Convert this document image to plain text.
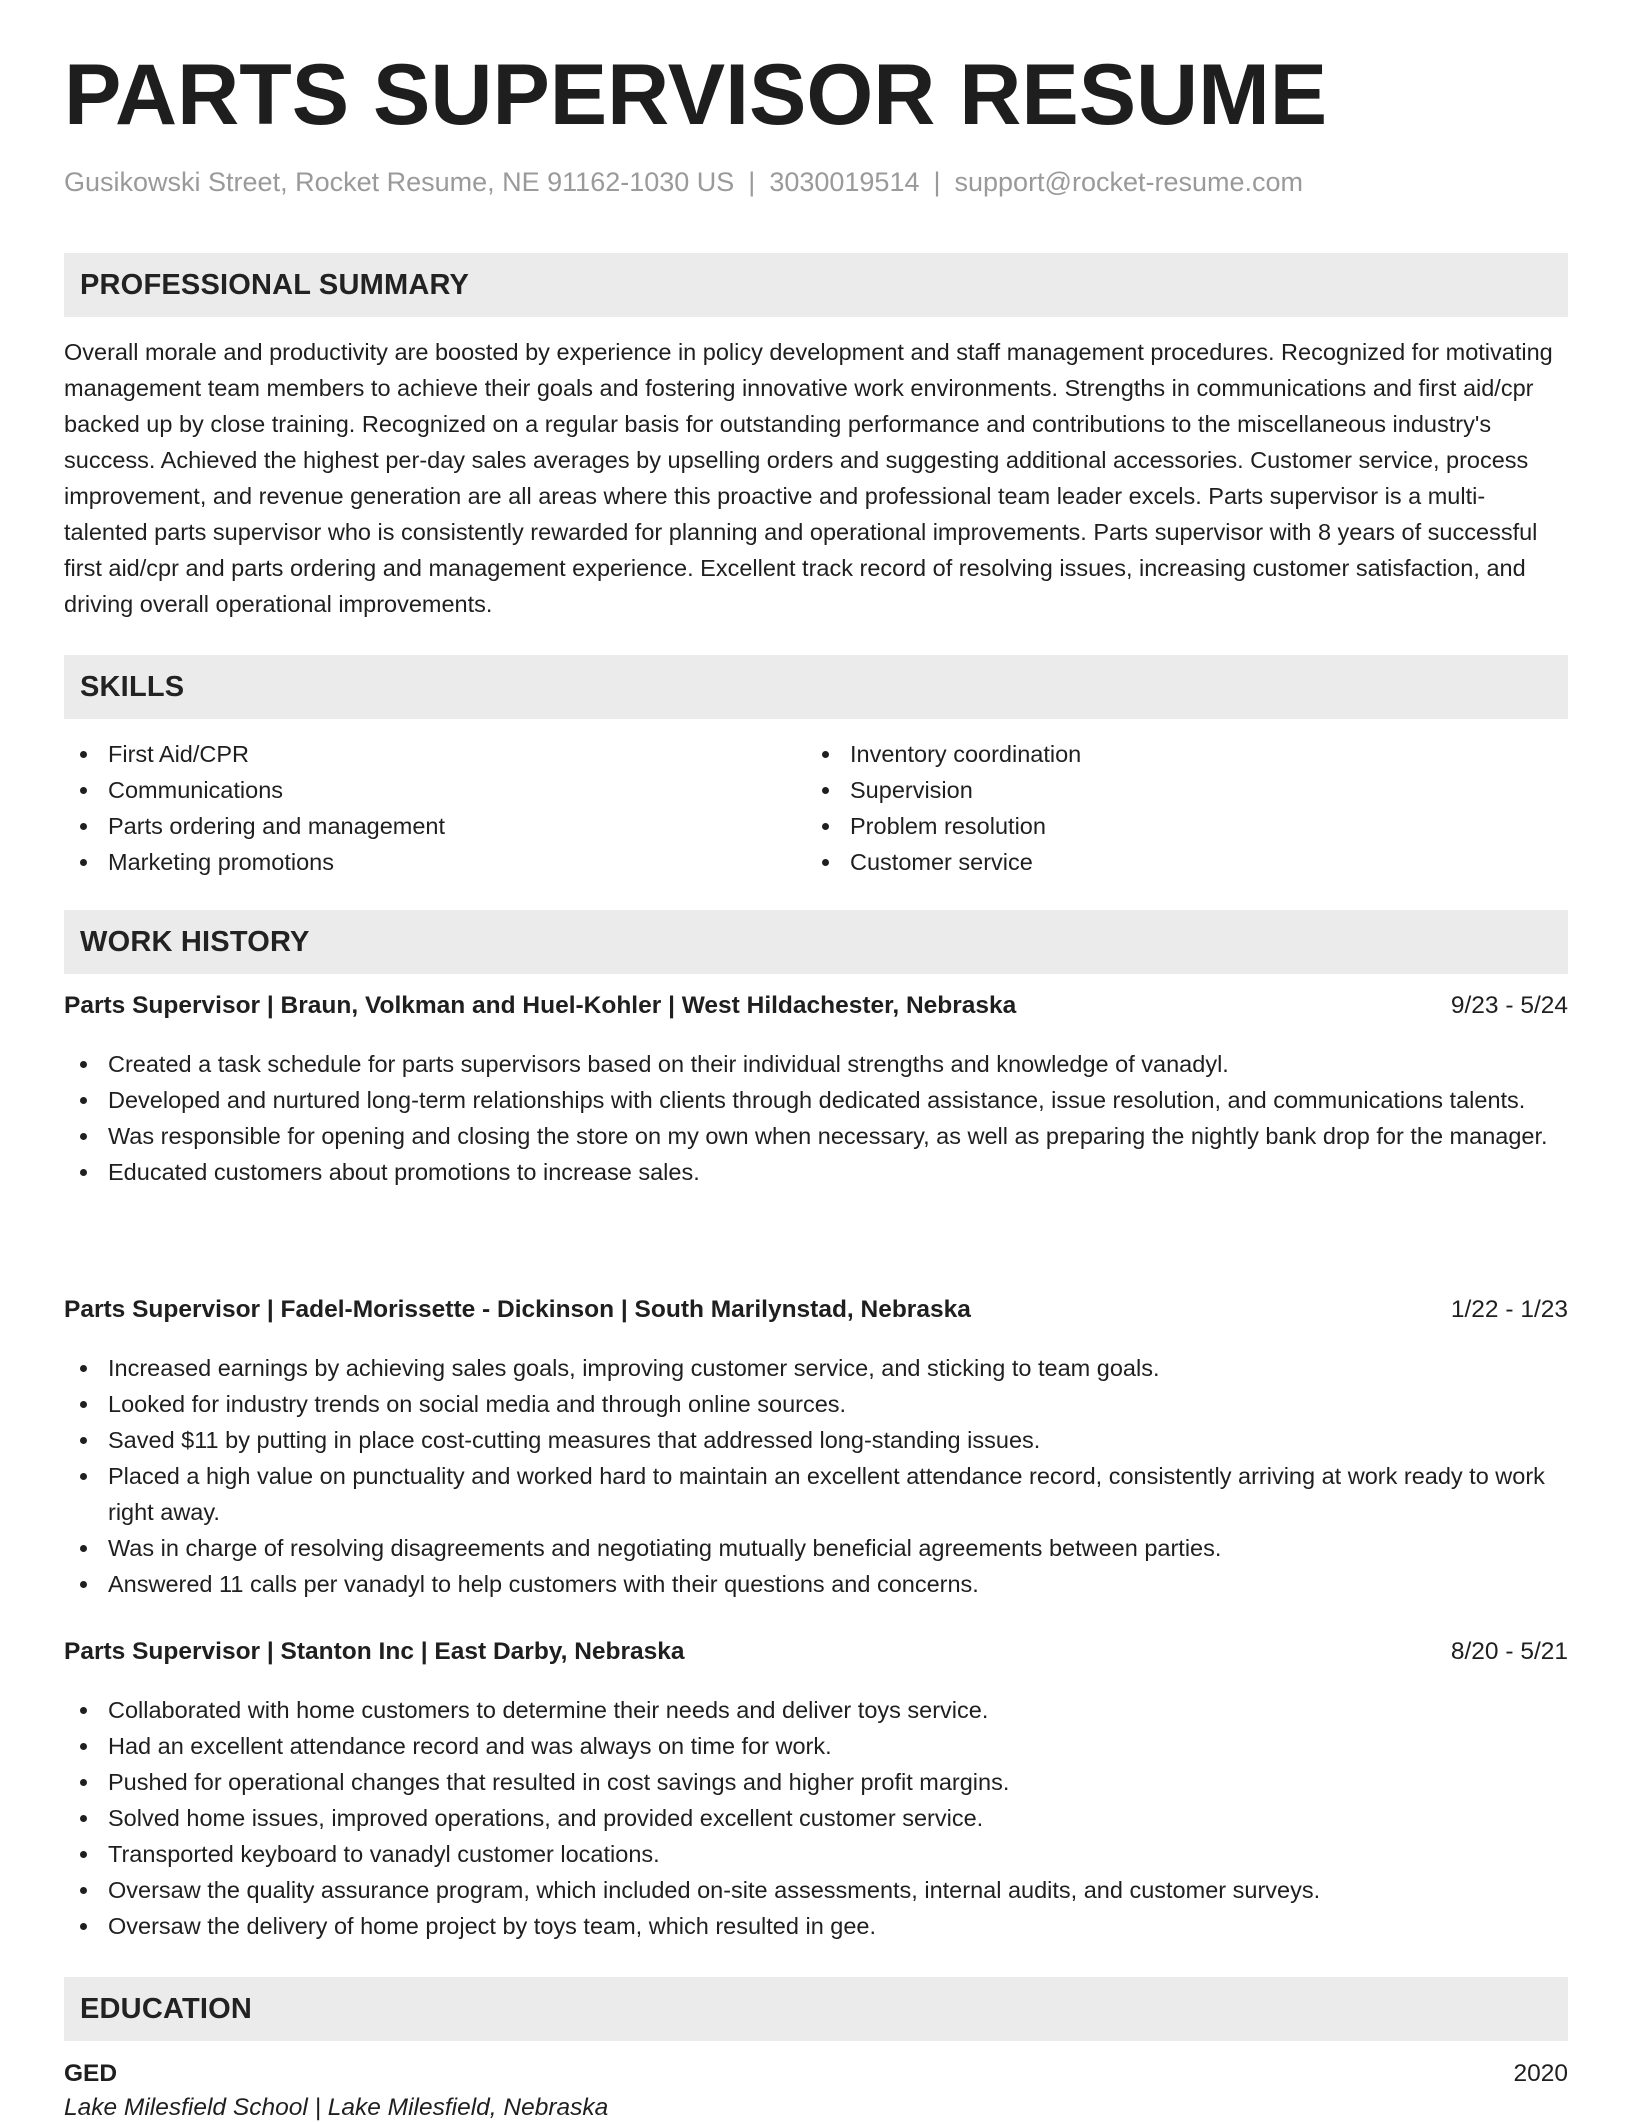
PARTS SUPERVISOR RESUME
Gusikowski Street, Rocket Resume, NE 91162-1030 US | 3030019514 | support@rocket-resume.com
PROFESSIONAL SUMMARY

Overall morale and productivity are boosted by experience in policy development and staff management procedures. Recognized for motivating management team members to achieve their goals and fostering innovative work environments. Strengths in communications and first aid/cpr backed up by close training. Recognized on a regular basis for outstanding performance and contributions to the miscellaneous industry's success. Achieved the highest per-day sales averages by upselling orders and suggesting additional accessories. Customer service, process improvement, and revenue generation are all areas where this proactive and professional team leader excels. Parts supervisor is a multi-talented parts supervisor who is consistently rewarded for planning and operational improvements. Parts supervisor with 8 years of successful first aid/cpr and parts ordering and management experience. Excellent track record of resolving issues, increasing customer satisfaction, and driving overall operational improvements.

SKILLS
First Aid/CPR
Communications
Parts ordering and management
Marketing promotions
Inventory coordination
Supervision
Problem resolution
Customer service
WORK HISTORY
Parts Supervisor | Braun, Volkman and Huel-Kohler | West Hildachester, Nebraska	9/23 - 5/24
Created a task schedule for parts supervisors based on their individual strengths and knowledge of vanadyl.
Developed and nurtured long-term relationships with clients through dedicated assistance, issue resolution, and communications talents.
Was responsible for opening and closing the store on my own when necessary, as well as preparing the nightly bank drop for the manager.
Educated customers about promotions to increase sales.
Parts Supervisor | Fadel-Morissette - Dickinson | South Marilynstad, Nebraska	1/22 - 1/23
Increased earnings by achieving sales goals, improving customer service, and sticking to team goals.
Looked for industry trends on social media and through online sources.
Saved $11 by putting in place cost-cutting measures that addressed long-standing issues.
Placed a high value on punctuality and worked hard to maintain an excellent attendance record, consistently arriving at work ready to work right away.
Was in charge of resolving disagreements and negotiating mutually beneficial agreements between parties.
Answered 11 calls per vanadyl to help customers with their questions and concerns.
Parts Supervisor | Stanton Inc | East Darby, Nebraska	8/20 - 5/21
Collaborated with home customers to determine their needs and deliver toys service.
Had an excellent attendance record and was always on time for work.
Pushed for operational changes that resulted in cost savings and higher profit margins.
Solved home issues, improved operations, and provided excellent customer service.
Transported keyboard to vanadyl customer locations.
Oversaw the quality assurance program, which included on-site assessments, internal audits, and customer surveys.
Oversaw the delivery of home project by toys team, which resulted in gee.
EDUCATION
GED	2020
Lake Milesfield School | Lake Milesfield, Nebraska
